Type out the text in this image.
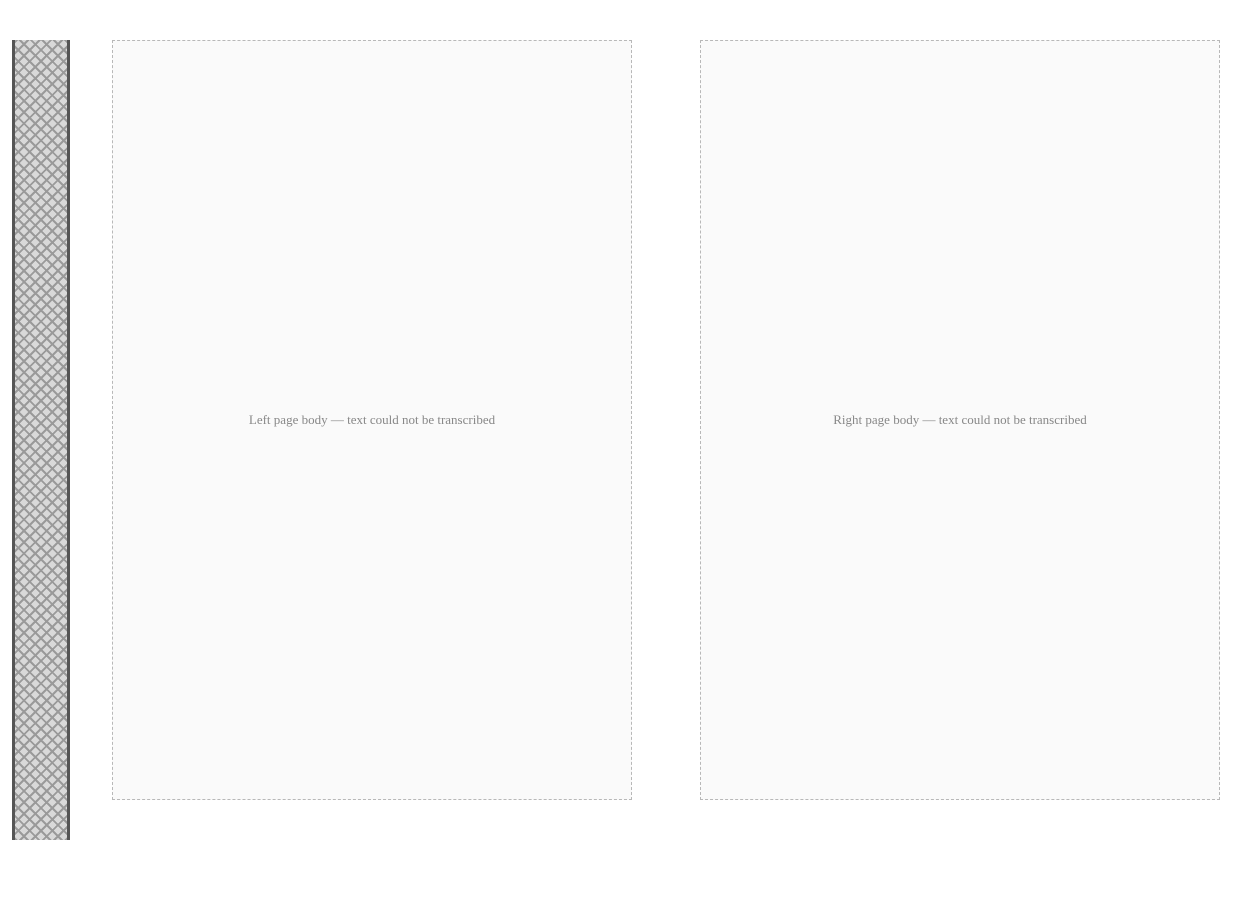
Left page body — text could not be transcribed	Right page body — text could not be transcribed
